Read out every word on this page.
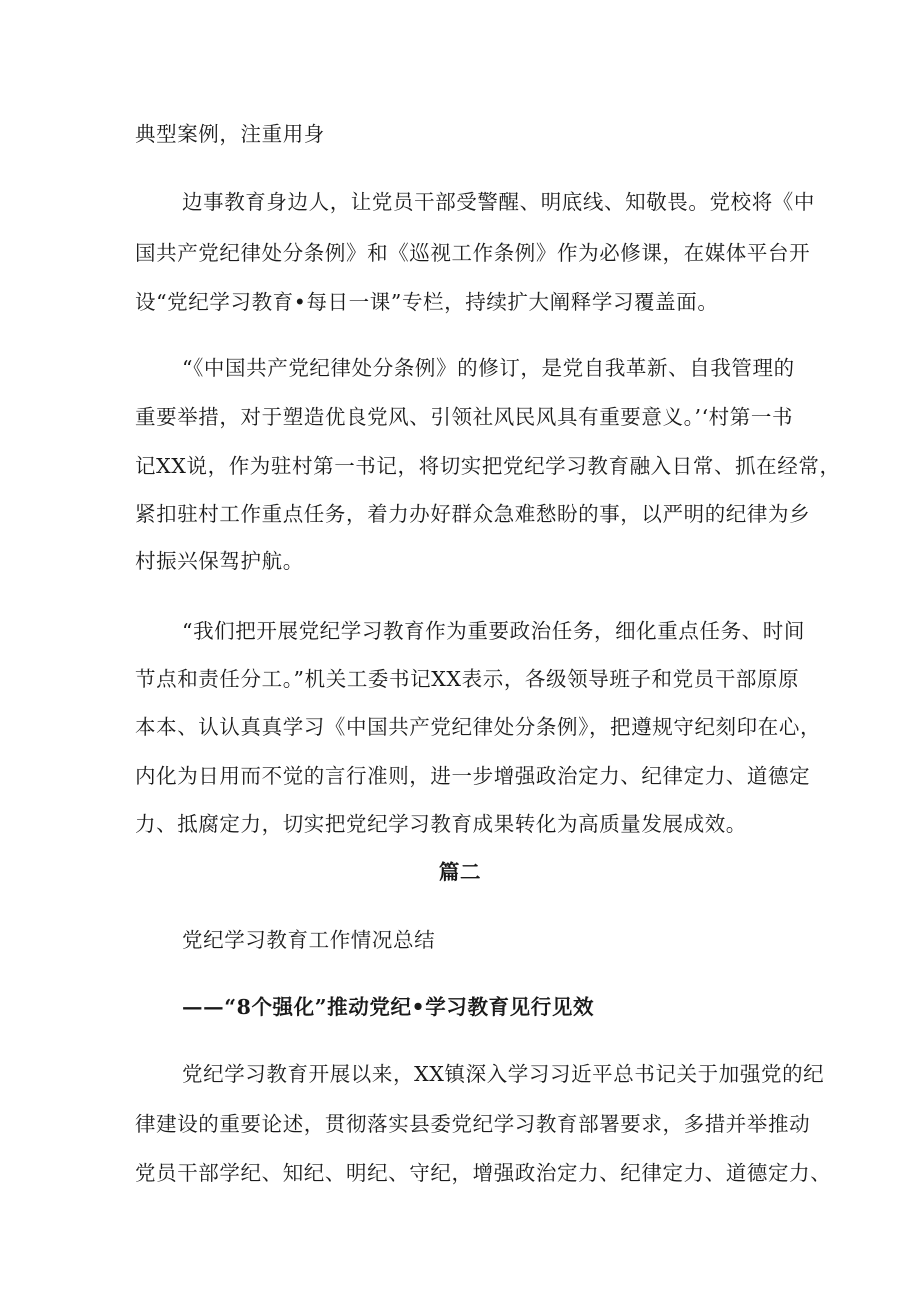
典型案例，注重用身
边事教育身边人，让党员干部受警醒、明底线、知敬畏。党校将《中
国共产党纪律处分条例》和《巡视工作条例》作为必修课，在媒体平台开
设“党纪学习教育•每日一课”专栏，持续扩大阐释学习覆盖面。
“《中国共产党纪律处分条例》的修订，是党自我革新、自我管理的
重要举措，对于塑造优良党风、引领社风民风具有重要意义。’‘村第一书
记XX说，作为驻村第一书记，将切实把党纪学习教育融入日常、抓在经常，
紧扣驻村工作重点任务，着力办好群众急难愁盼的事，以严明的纪律为乡
村振兴保驾护航。
“我们把开展党纪学习教育作为重要政治任务，细化重点任务、时间
节点和责任分工。”机关工委书记XX表示，各级领导班子和党员干部原原
本本、认认真真学习《中国共产党纪律处分条例》，把遵规守纪刻印在心，
内化为日用而不觉的言行准则，进一步增强政治定力、纪律定力、道德定
力、抵腐定力，切实把党纪学习教育成果转化为高质量发展成效。
篇二
党纪学习教育工作情况总结
——“8个强化”推动党纪•学习教育见行见效
党纪学习教育开展以来，XX镇深入学习习近平总书记关于加强党的纪
律建设的重要论述，贯彻落实县委党纪学习教育部署要求，多措并举推动
党员干部学纪、知纪、明纪、守纪，增强政治定力、纪律定力、道德定力、
